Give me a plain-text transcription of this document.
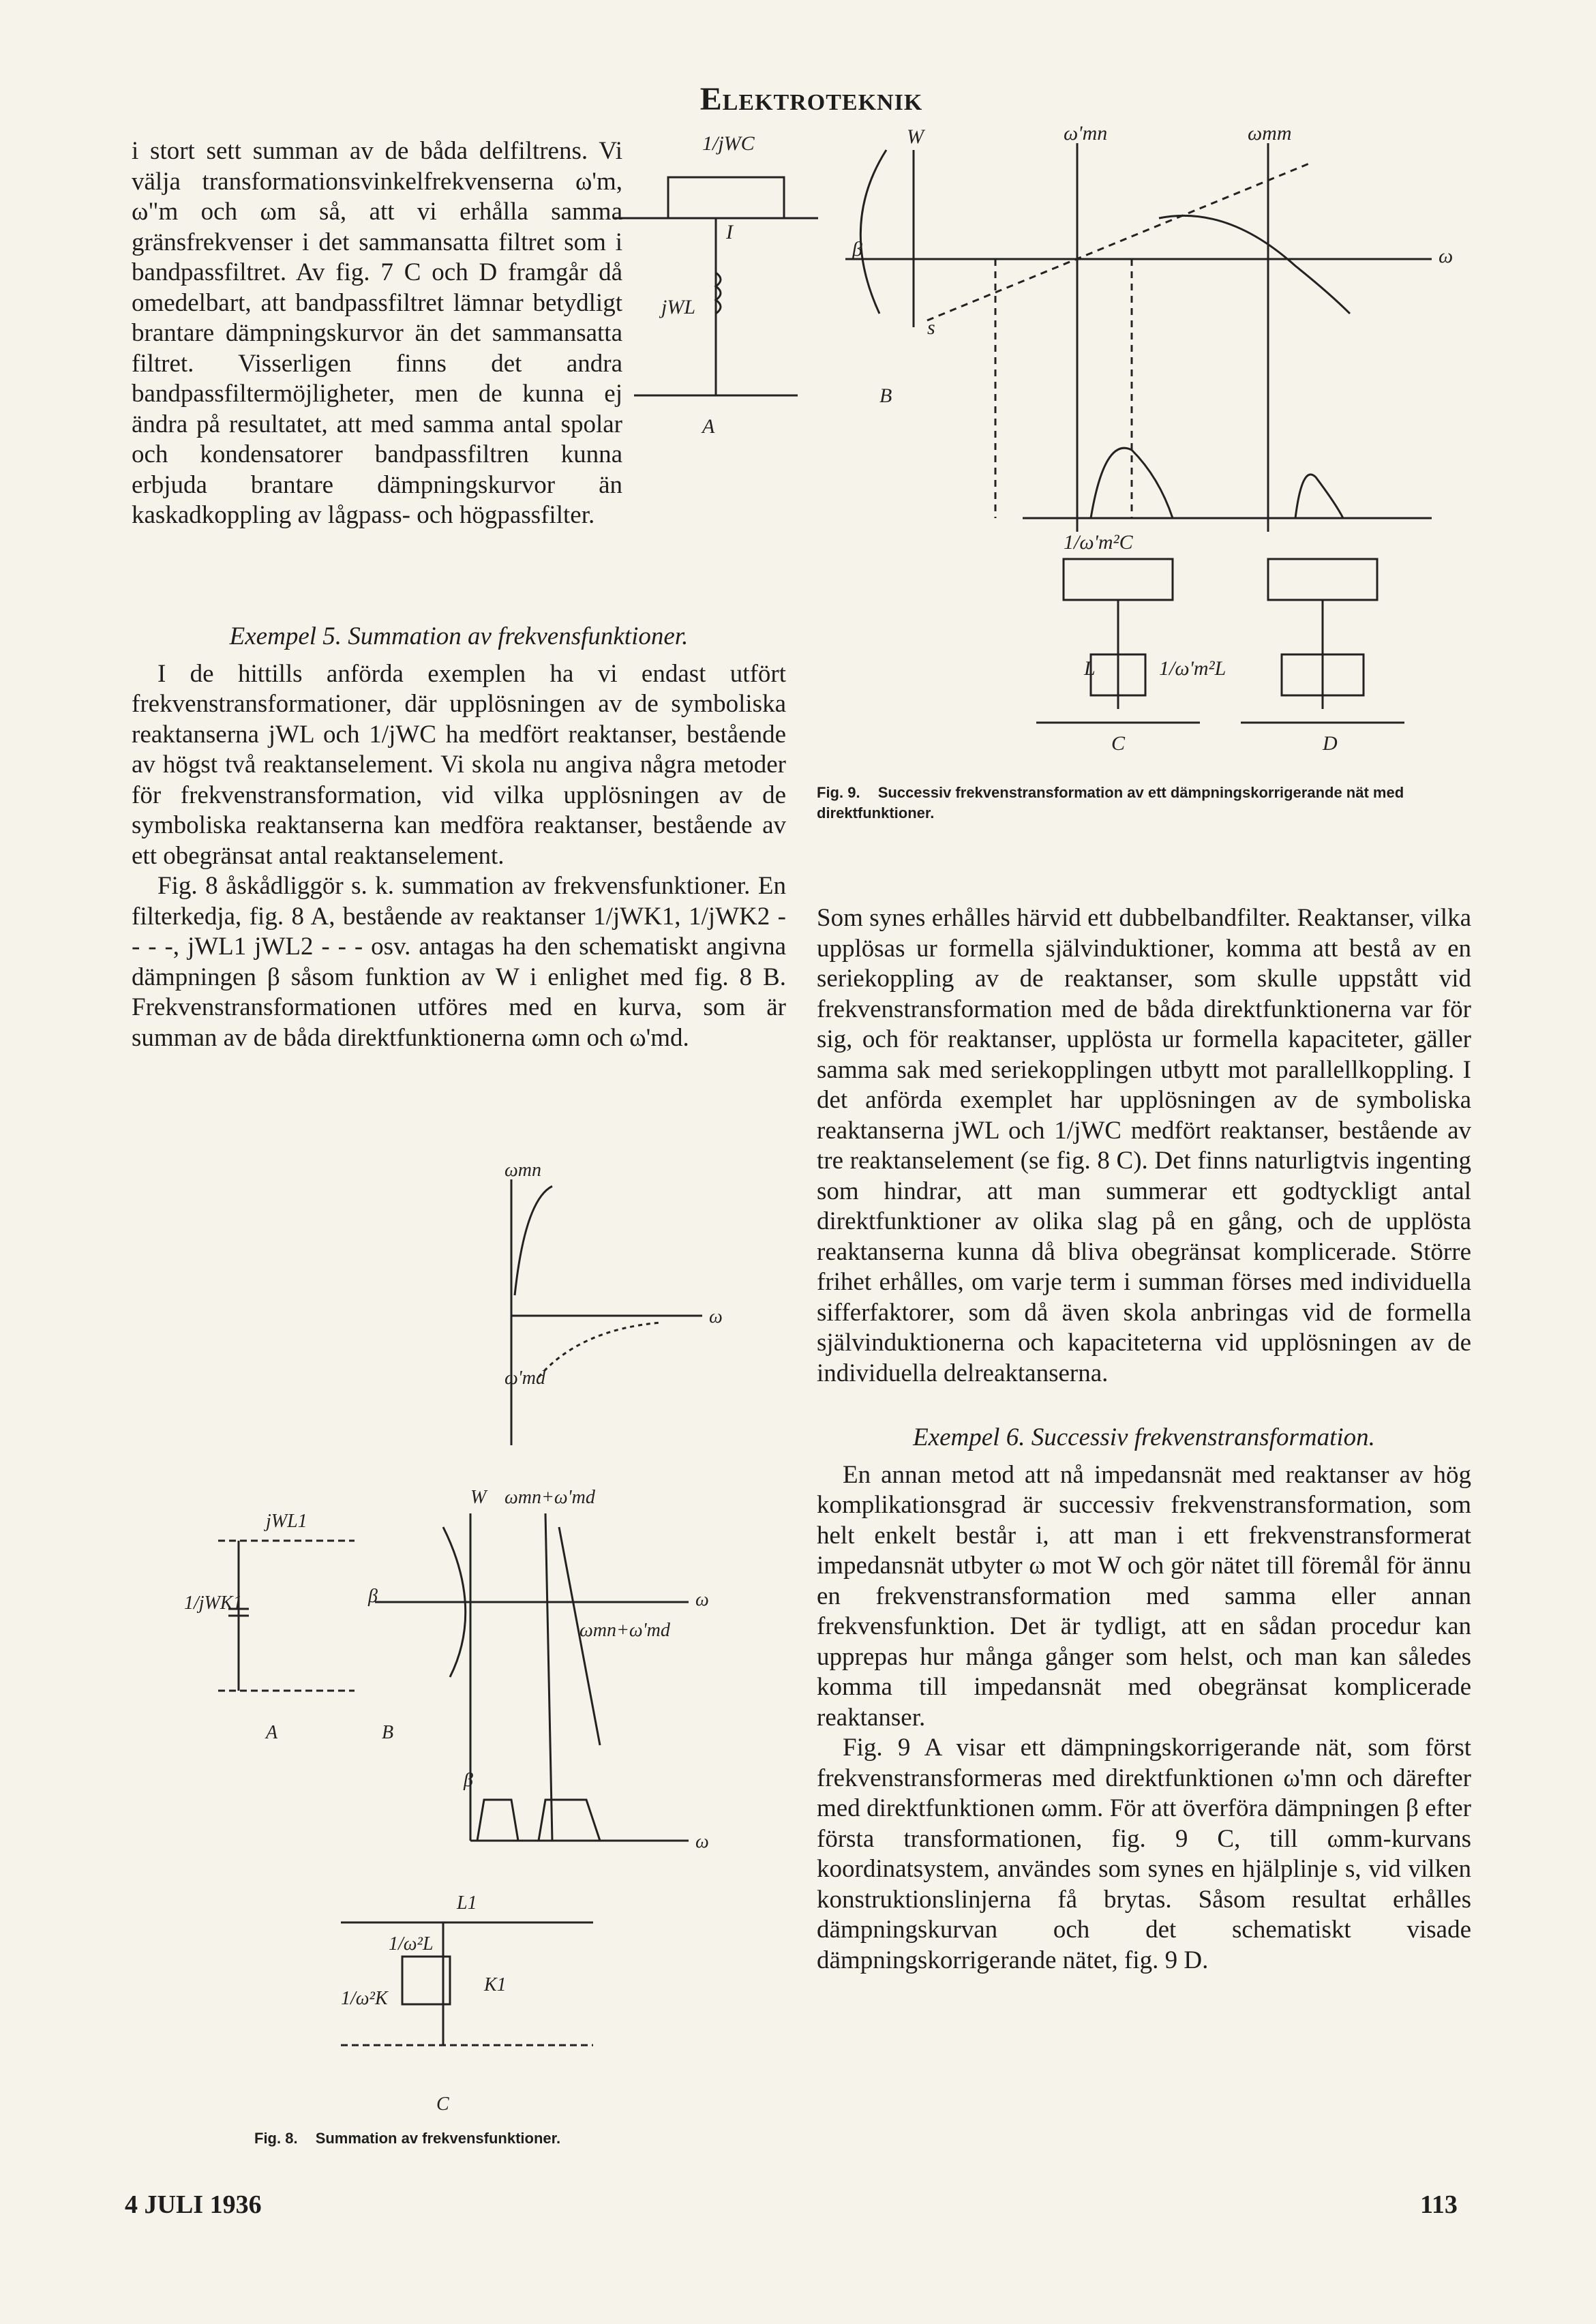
Elektroteknik

i stort sett summan av de båda delfiltrens. Vi välja transformationsvinkelfrekvenserna ω'm, ω"m och ωm så, att vi erhålla samma gränsfrekvenser i det sammansatta filtret som i bandpassfiltret. Av fig. 7 C och D framgår då omedelbart, att bandpassfiltret lämnar betydligt brantare dämpningskurvor än det sammansatta filtret. Visserligen finns det andra bandpassfiltermöjligheter, men de kunna ej ändra på resultatet, att med samma antal spolar och kondensatorer bandpassfiltren kunna erbjuda brantare dämpningskurvor än kaskadkoppling av lågpass- och högpassfilter.

Exempel 5. Summation av frekvensfunktioner.

I de hittills anförda exemplen ha vi endast utfört frekvenstransformationer, där upplösningen av de symboliska reaktanserna jWL och 1/jWC ha medfört reaktanser, bestående av högst två reaktanselement. Vi skola nu angiva några metoder för frekvenstransformation, vid vilka upplösningen av de symboliska reaktanserna kan medföra reaktanser, bestående av ett obegränsat antal reaktanselement.

Fig. 8 åskådliggör s. k. summation av frekvensfunktioner. En filterkedja, fig. 8 A, bestående av reaktanser 1/jWK1, 1/jWK2 - - - -, jWL1 jWL2 - - - osv. antagas ha den schematiskt angivna dämpningen β såsom funktion av W i enlighet med fig. 8 B. Frekvenstransformationen utföres med en kurva, som är summan av de båda direktfunktionerna ωmn och ω'md.

Som synes erhålles härvid ett dubbelbandfilter. Reaktanser, vilka upplösas ur formella självinduktioner, komma att bestå av en seriekoppling av de reaktanser, som skulle uppstått vid frekvenstransformation med de båda direktfunktionerna var för sig, och för reaktanser, upplösta ur formella kapaciteter, gäller samma sak med seriekopplingen utbytt mot parallellkoppling. I det anförda exemplet har upplösningen av de symboliska reaktanserna jWL och 1/jWC medfört reaktanser, bestående av tre reaktanselement (se fig. 8 C). Det finns naturligtvis ingenting som hindrar, att man summerar ett godtyckligt antal direktfunktioner av olika slag på en gång, och de upplösta reaktanserna kunna då bliva obegränsat komplicerade. Större frihet erhålles, om varje term i summan förses med individuella sifferfaktorer, som då även skola anbringas vid de formella självinduktionerna och kapaciteterna vid upplösningen av de individuella delreaktanserna.

Exempel 6. Successiv frekvenstransformation.

En annan metod att nå impedansnät med reaktanser av hög komplikationsgrad är successiv frekvenstransformation, som helt enkelt består i, att man i ett frekvenstransformerat impedansnät utbyter ω mot W och gör nätet till föremål för ännu en frekvenstransformation med samma eller annan frekvensfunktion. Det är tydligt, att en sådan procedur kan upprepas hur många gånger som helst, och man kan således komma till impedansnät med obegränsat komplicerade reaktanser.

Fig. 9 A visar ett dämpningskorrigerande nät, som först frekvenstransformeras med direktfunktionen ω'mn och därefter med direktfunktionen ωmm. För att överföra dämpningen β efter första transformationen, fig. 9 C, till ωmm-kurvans koordinatsystem, användes som synes en hjälplinje s, vid vilken konstruktionslinjerna få brytas. Såsom resultat erhålles dämpningskurvan och det schematiskt visade dämpningskorrigerande nätet, fig. 9 D.

1/jWC
jWL
I
W
β
s
ω
ω'mn	ωmm
1/ω'm²C
1/ω'm²L
L
A
B
C	D
Fig. 9. Successiv frekvenstransformation av ett dämpningskorrigerande nät med direktfunktioner.
ωmn
ω'md
ω
jWL1
1/jWK1
W ωmn+ω'md
ωmn+ω'md
β
β
ω
ω
L1
K1
1/ω²L
1/ω²K
A	B
C
Fig. 8. Summation av frekvensfunktioner.
4 JULI 1936	113
